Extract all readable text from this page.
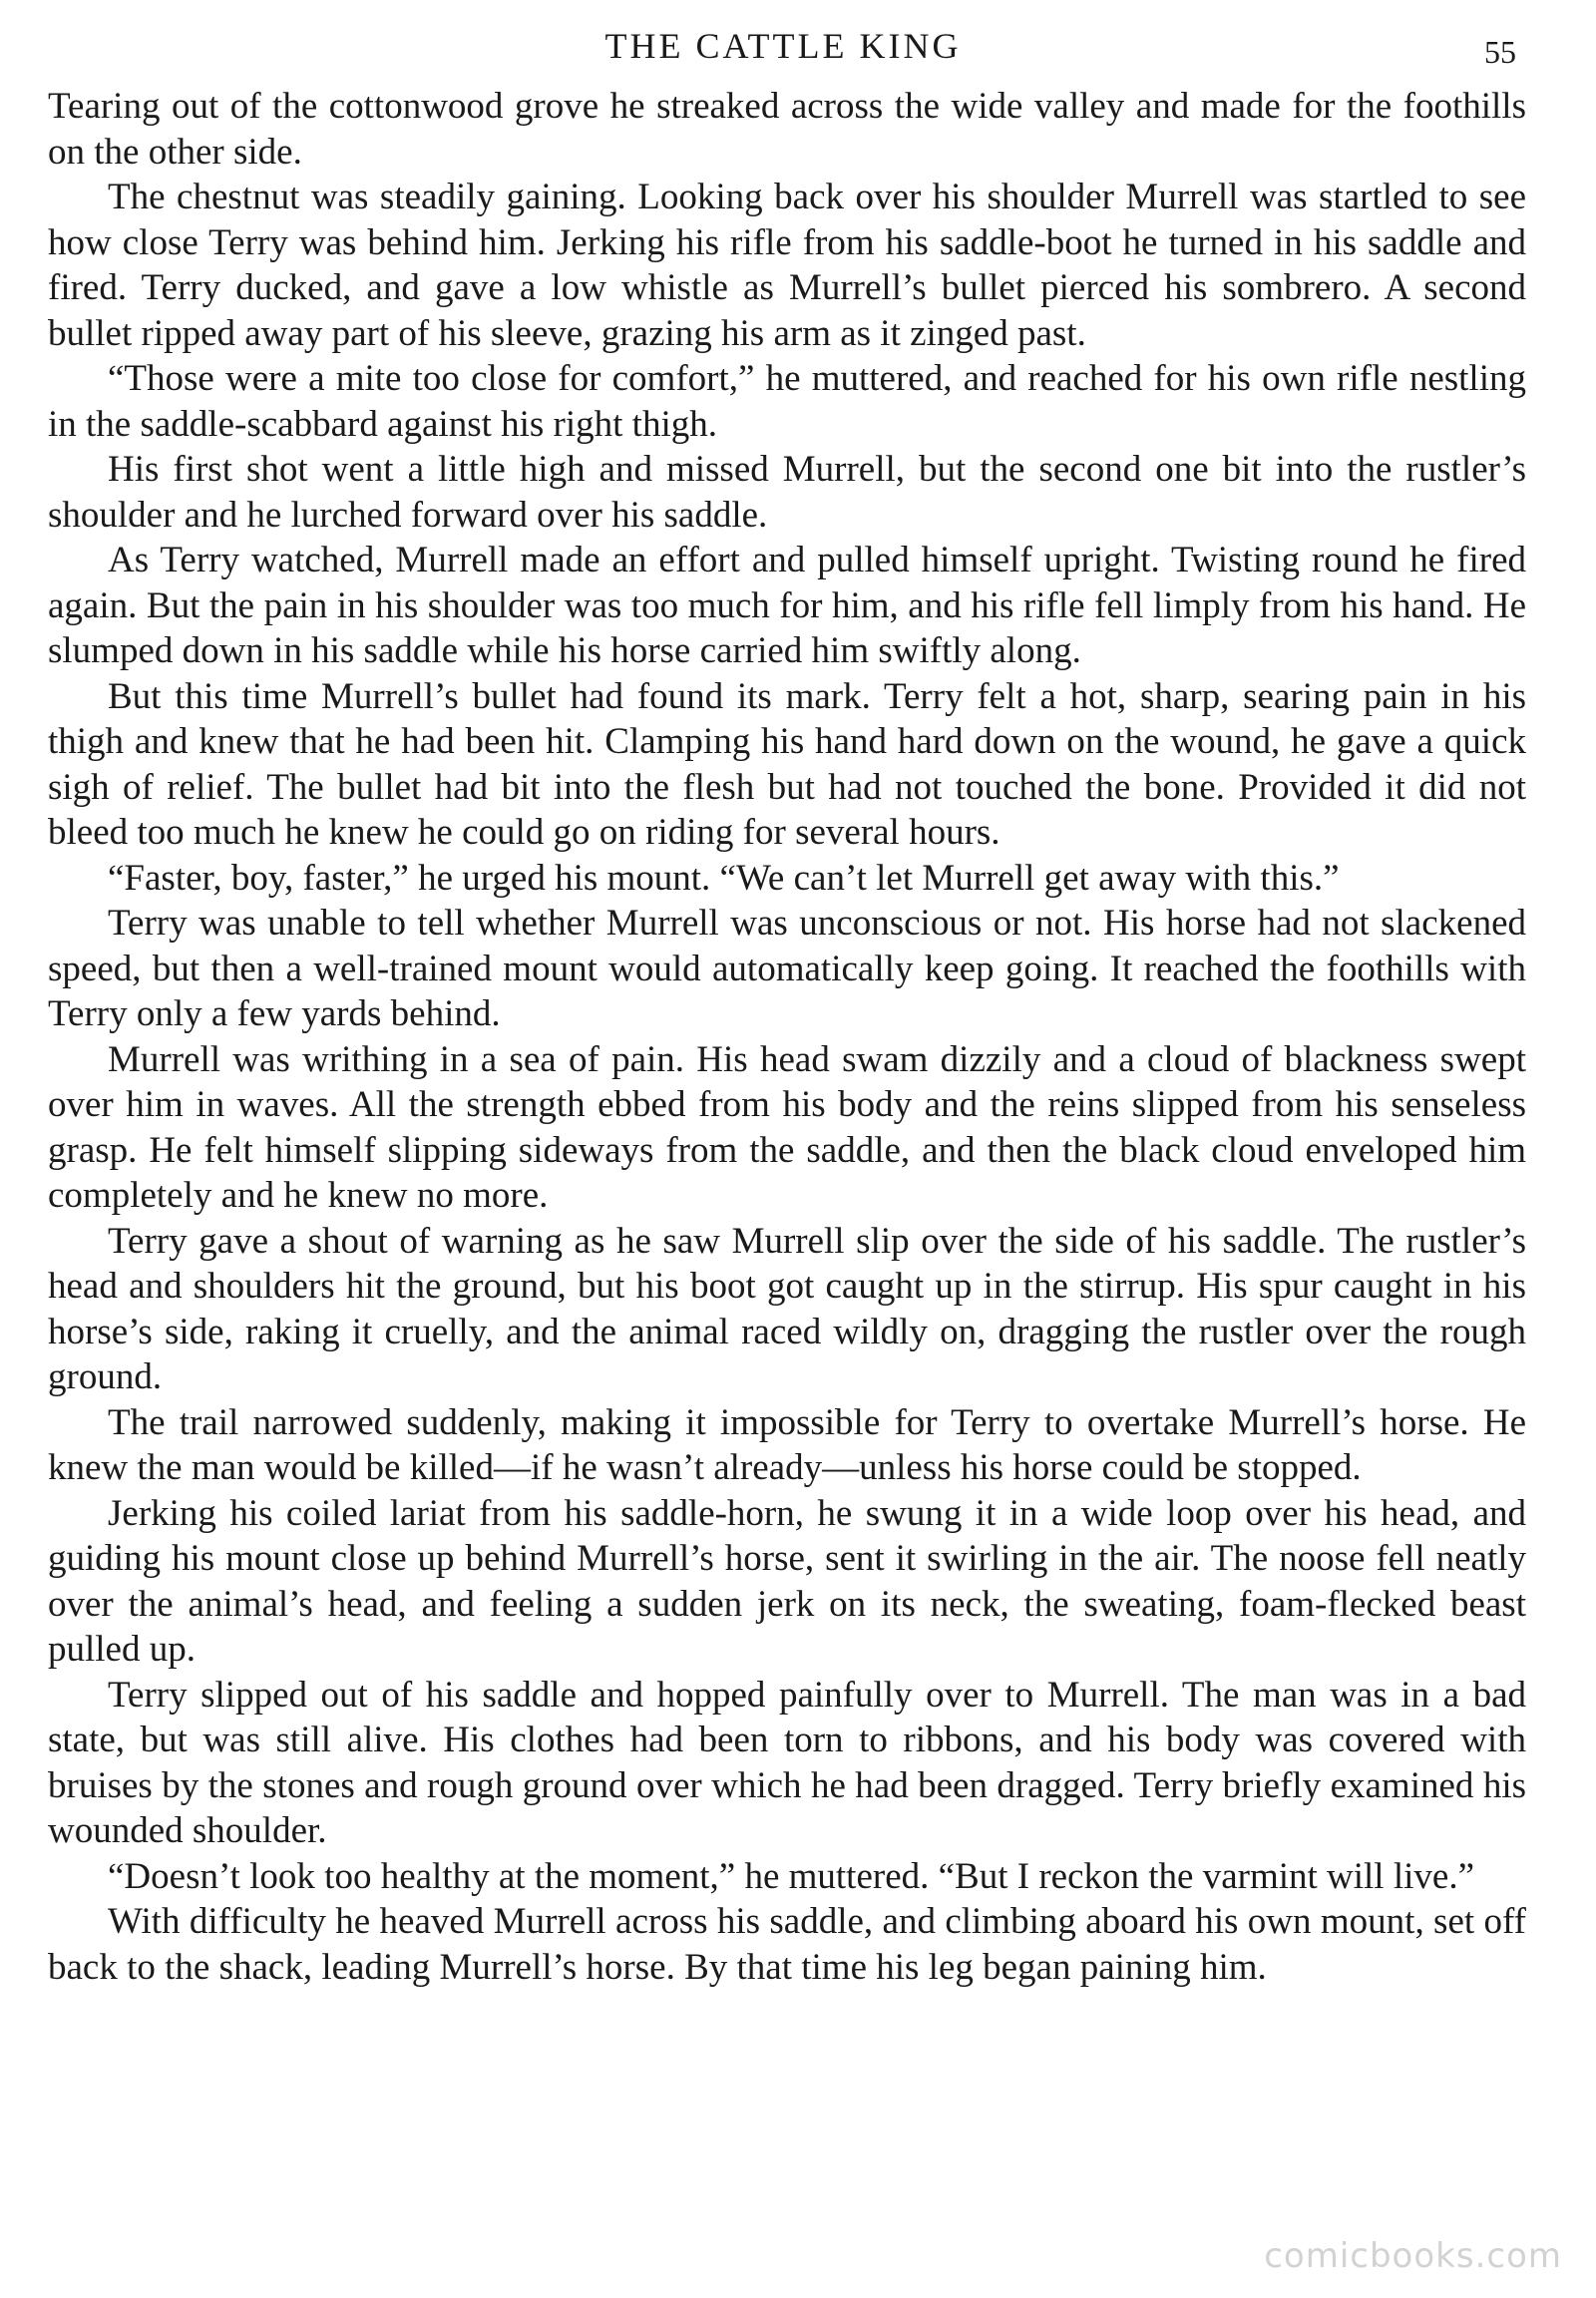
THE CATTLE KING	55

Tearing out of the cottonwood grove he streaked across the wide valley and made for the foothills on the other side.

The chestnut was steadily gaining. Looking back over his shoulder Murrell was startled to see how close Terry was behind him. Jerking his rifle from his saddle-boot he turned in his saddle and fired. Terry ducked, and gave a low whistle as Murrell’s bullet pierced his sombrero. A second bullet ripped away part of his sleeve, grazing his arm as it zinged past.

“Those were a mite too close for comfort,” he muttered, and reached for his own rifle nestling in the saddle-scabbard against his right thigh.

His first shot went a little high and missed Murrell, but the second one bit into the rustler’s shoulder and he lurched forward over his saddle.

As Terry watched, Murrell made an effort and pulled himself upright. Twisting round he fired again. But the pain in his shoulder was too much for him, and his rifle fell limply from his hand. He slumped down in his saddle while his horse carried him swiftly along.

But this time Murrell’s bullet had found its mark. Terry felt a hot, sharp, searing pain in his thigh and knew that he had been hit. Clamping his hand hard down on the wound, he gave a quick sigh of relief. The bullet had bit into the flesh but had not touched the bone. Provided it did not bleed too much he knew he could go on riding for several hours.

“Faster, boy, faster,” he urged his mount. “We can’t let Murrell get away with this.”

Terry was unable to tell whether Murrell was unconscious or not. His horse had not slackened speed, but then a well-trained mount would automatically keep going. It reached the foothills with Terry only a few yards behind.

Murrell was writhing in a sea of pain. His head swam dizzily and a cloud of blackness swept over him in waves. All the strength ebbed from his body and the reins slipped from his senseless grasp. He felt himself slipping sideways from the saddle, and then the black cloud enveloped him completely and he knew no more.

Terry gave a shout of warning as he saw Murrell slip over the side of his saddle. The rustler’s head and shoulders hit the ground, but his boot got caught up in the stirrup. His spur caught in his horse’s side, raking it cruelly, and the animal raced wildly on, dragging the rustler over the rough ground.

The trail narrowed suddenly, making it impossible for Terry to overtake Murrell’s horse. He knew the man would be killed—if he wasn’t already—unless his horse could be stopped.

Jerking his coiled lariat from his saddle-horn, he swung it in a wide loop over his head, and guiding his mount close up behind Murrell’s horse, sent it swirling in the air. The noose fell neatly over the animal’s head, and feeling a sudden jerk on its neck, the sweating, foam-flecked beast pulled up.

Terry slipped out of his saddle and hopped painfully over to Murrell. The man was in a bad state, but was still alive. His clothes had been torn to ribbons, and his body was covered with bruises by the stones and rough ground over which he had been dragged. Terry briefly examined his wounded shoulder.

“Doesn’t look too healthy at the moment,” he muttered. “But I reckon the varmint will live.”

With difficulty he heaved Murrell across his saddle, and climbing aboard his own mount, set off back to the shack, leading Murrell’s horse. By that time his leg began paining him.

comicbooks.com
